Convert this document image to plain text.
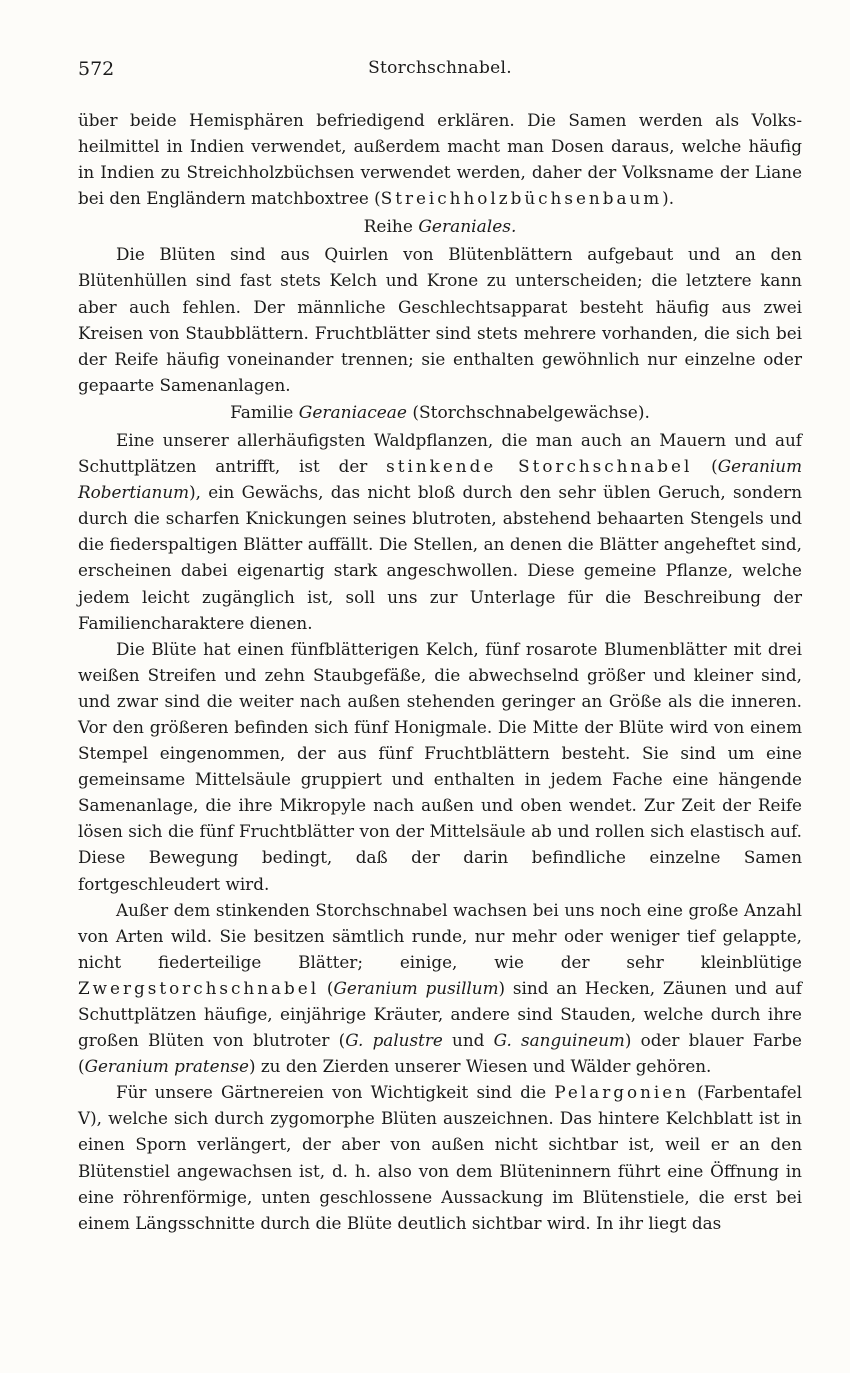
572	Storchschnabel.

über beide Hemisphären befriedigend erklären. Die Samen werden als Volks-heilmittel in Indien verwendet, außerdem macht man Dosen daraus, welche häufig in Indien zu Streichholzbüchsen verwendet werden, daher der Volksname der Liane bei den Engländern matchboxtree (Streichholzbüchsenbaum).

Reihe Geraniales.

Die Blüten sind aus Quirlen von Blütenblättern aufgebaut und an den Blütenhüllen sind fast stets Kelch und Krone zu unterscheiden; die letztere kann aber auch fehlen. Der männliche Geschlechtsapparat besteht häufig aus zwei Kreisen von Staubblättern. Fruchtblätter sind stets mehrere vorhanden, die sich bei der Reife häufig voneinander trennen; sie enthalten gewöhnlich nur einzelne oder gepaarte Samenanlagen.

Familie Geraniaceae (Storchschnabelgewächse).

Eine unserer allerhäufigsten Waldpflanzen, die man auch an Mauern und auf Schuttplätzen antrifft, ist der stinkende Storchschnabel (Geranium Robertianum), ein Gewächs, das nicht bloß durch den sehr üblen Geruch, sondern durch die scharfen Knickungen seines blutroten, abstehend behaarten Stengels und die fiederspaltigen Blätter auffällt. Die Stellen, an denen die Blätter angeheftet sind, erscheinen dabei eigenartig stark angeschwollen. Diese gemeine Pflanze, welche jedem leicht zugänglich ist, soll uns zur Unterlage für die Beschreibung der Familiencharaktere dienen.

Die Blüte hat einen fünfblätterigen Kelch, fünf rosarote Blumenblätter mit drei weißen Streifen und zehn Staubgefäße, die abwechselnd größer und kleiner sind, und zwar sind die weiter nach außen stehenden geringer an Größe als die inneren. Vor den größeren befinden sich fünf Honigmale. Die Mitte der Blüte wird von einem Stempel eingenommen, der aus fünf Fruchtblättern besteht. Sie sind um eine gemeinsame Mittelsäule gruppiert und enthalten in jedem Fache eine hängende Samenanlage, die ihre Mikropyle nach außen und oben wendet. Zur Zeit der Reife lösen sich die fünf Fruchtblätter von der Mittelsäule ab und rollen sich elastisch auf. Diese Bewegung bedingt, daß der darin befindliche einzelne Samen fortgeschleudert wird.

Außer dem stinkenden Storchschnabel wachsen bei uns noch eine große Anzahl von Arten wild. Sie besitzen sämtlich runde, nur mehr oder weniger tief gelappte, nicht fiederteilige Blätter; einige, wie der sehr kleinblütige Zwergstorchschnabel (Geranium pusillum) sind an Hecken, Zäunen und auf Schuttplätzen häufige, einjährige Kräuter, andere sind Stauden, welche durch ihre großen Blüten von blutroter (G. palustre und G. sanguineum) oder blauer Farbe (Geranium pratense) zu den Zierden unserer Wiesen und Wälder gehören.

Für unsere Gärtnereien von Wichtigkeit sind die Pelargonien (Farbentafel V), welche sich durch zygomorphe Blüten auszeichnen. Das hintere Kelchblatt ist in einen Sporn verlängert, der aber von außen nicht sichtbar ist, weil er an den Blütenstiel angewachsen ist, d. h. also von dem Blüteninnern führt eine Öffnung in eine röhrenförmige, unten geschlossene Aussackung im Blütenstiele, die erst bei einem Längsschnitte durch die Blüte deutlich sichtbar wird. In ihr liegt das
